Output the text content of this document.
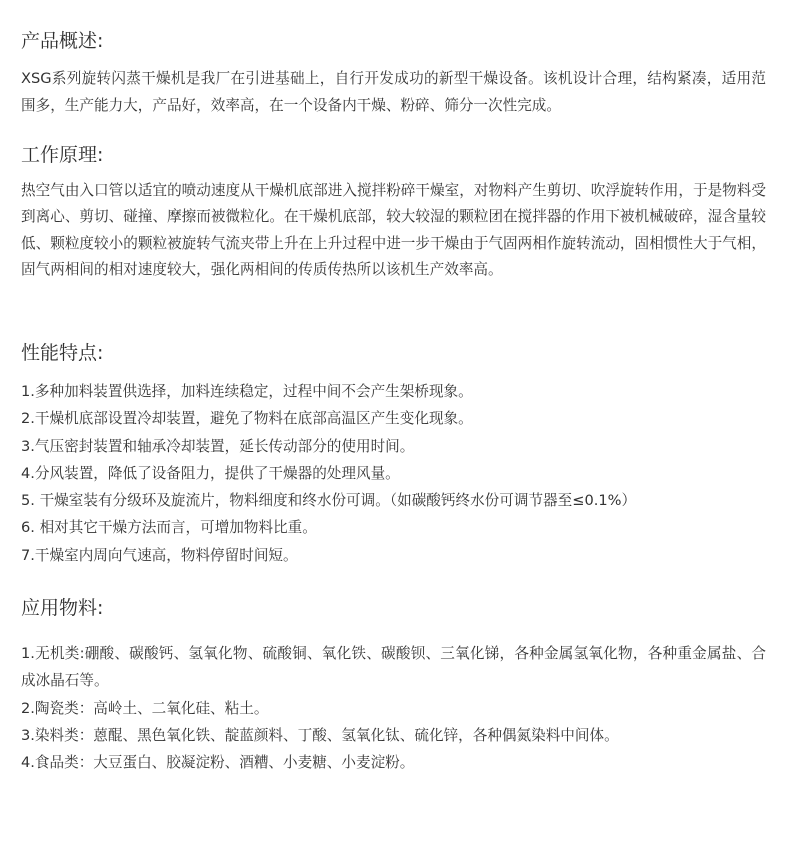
产品概述:
XSG系列旋转闪蒸干燥机是我厂在引进基础上，自行开发成功的新型干燥设备。该机设计合理，结构紧凑，适用范围多，生产能力大，产品好，效率高，在一个设备内干燥、粉碎、筛分一次性完成。
工作原理:
热空气由入口管以适宜的喷动速度从干燥机底部进入搅拌粉碎干燥室，对物料产生剪切、吹浮旋转作用，于是物料受到离心、剪切、碰撞、摩擦而被微粒化。在干燥机底部，较大较湿的颗粒团在搅拌器的作用下被机械破碎，湿含量较低、颗粒度较小的颗粒被旋转气流夹带上升在上升过程中进一步干燥由于气固两相作旋转流动，固相惯性大于气相，固气两相间的相对速度较大，强化两相间的传质传热所以该机生产效率高。
性能特点:
1.多种加料装置供选择，加料连续稳定，过程中间不会产生架桥现象。
2.干燥机底部设置冷却装置，避免了物料在底部高温区产生变化现象。
3.气压密封装置和轴承冷却装置，延长传动部分的使用时间。
4.分风装置，降低了设备阻力，提供了干燥器的处理风量。
5. 干燥室装有分级环及旋流片，物料细度和终水份可调。（如碳酸钙终水份可调节器至≤0.1%）
6. 相对其它干燥方法而言，可增加物料比重。
7.干燥室内周向气速高，物料停留时间短。
应用物料:
1.无机类:硼酸、碳酸钙、氢氧化物、硫酸铜、氧化铁、碳酸钡、三氧化锑，各种金属氢氧化物，各种重金属盐、合成冰晶石等。
2.陶瓷类：高岭土、二氧化硅、粘土。
3.染料类：蒽醌、黑色氧化铁、靛蓝颜料、丁酸、氢氧化钛、硫化锌，各种偶氮染料中间体。
4.食品类：大豆蛋白、胶凝淀粉、酒糟、小麦糖、小麦淀粉。
